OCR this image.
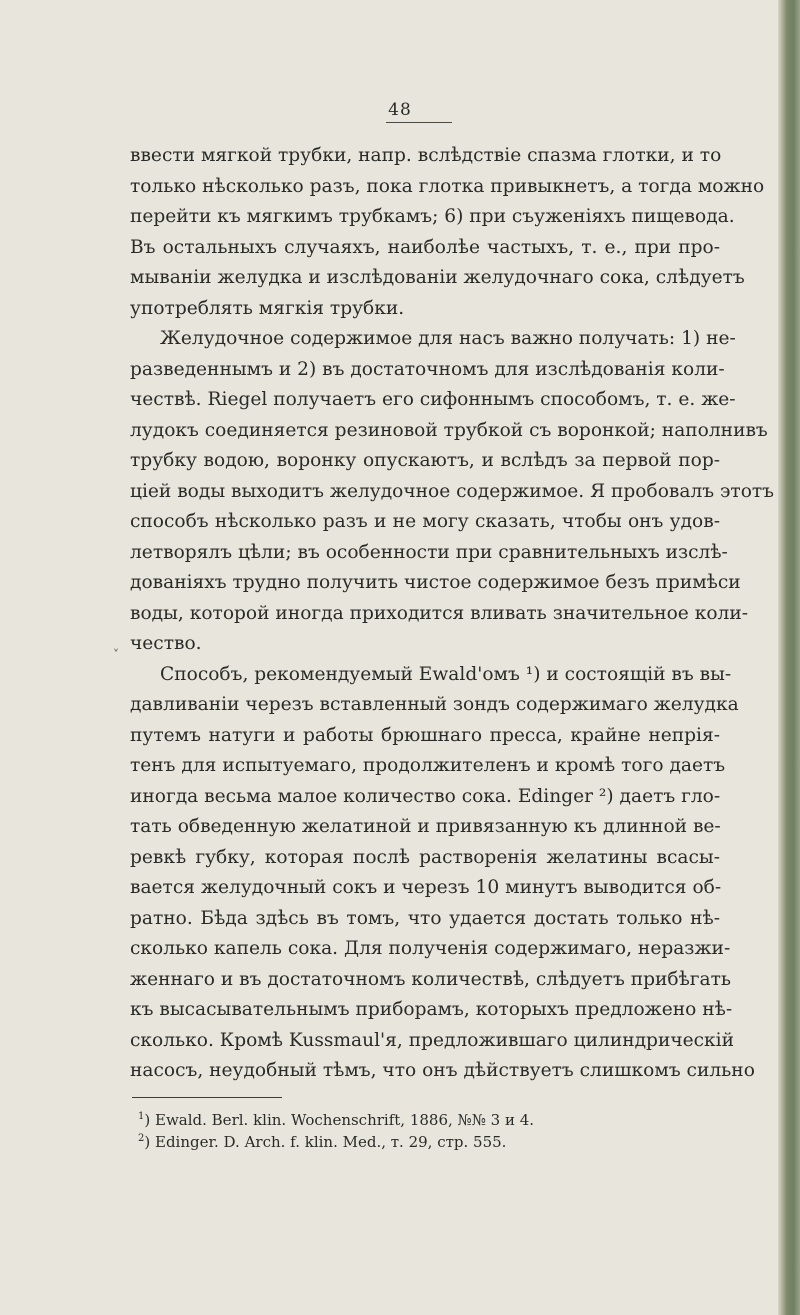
48
ввести мягкой трубки, напр. вслѣдствіе спазма глотки, и то
только нѣсколько разъ, пока глотка привыкнетъ, а тогда можно
перейти къ мягкимъ трубкамъ; 6) при съуженіяхъ пищевода.
Въ остальныхъ случаяхъ, наиболѣе частыхъ, т. е., при про-
мываніи желудка и изслѣдованіи желудочнаго сока, слѣдуетъ
употреблять мягкія трубки.
Желудочное содержимое для насъ важно получать: 1) не-
разведеннымъ и 2) въ достаточномъ для изслѣдованія коли-
чествѣ. Riegel получаетъ его сифоннымъ способомъ, т. е. же-
лудокъ соединяется резиновой трубкой съ воронкой; наполнивъ
трубку водою, воронку опускаютъ, и вслѣдъ за первой пор-
ціей воды выходитъ желудочное содержимое. Я пробовалъ этотъ
способъ нѣсколько разъ и не могу сказать, чтобы онъ удов-
летворялъ цѣли; въ особенности при сравнительныхъ изслѣ-
дованіяхъ трудно получить чистое содержимое безъ примѣси
воды, которой иногда приходится вливать значительное коли-
чество.
Способъ, рекомендуемый Ewald'омъ ¹) и состоящій въ вы-
давливаніи черезъ вставленный зондъ содержимаго желудка
путемъ натуги и работы брюшнаго пресса, крайне непрія-
тенъ для испытуемаго, продолжителенъ и кромѣ того даетъ
иногда весьма малое количество сока. Edinger ²) даетъ гло-
тать обведенную желатиной и привязанную къ длинной ве-
ревкѣ губку, которая послѣ растворенія желатины всасы-
вается желудочный сокъ и черезъ 10 минутъ выводится об-
ратно. Бѣда здѣсь въ томъ, что удается достать только нѣ-
сколько капель сока. Для полученія содержимаго, неразжи-
женнаго и въ достаточномъ количествѣ, слѣдуетъ прибѣгать
къ высасывательнымъ приборамъ, которыхъ предложено нѣ-
сколько. Кромѣ Kussmaul'я, предложившаго цилиндрическій
насосъ, неудобный тѣмъ, что онъ дѣйствуетъ слишкомъ сильно
ˬ
$^1$) Ewald. Berl. klin. Wochenschrift, 1886, №№ 3 и 4.
$^2$) Edinger. D. Arch. f. klin. Med., т. 29, стр. 555.
